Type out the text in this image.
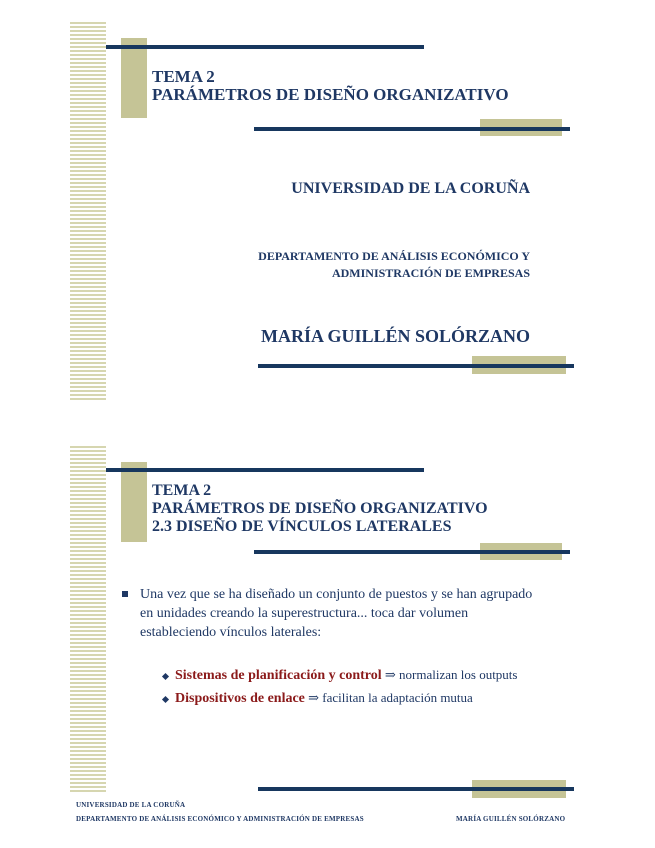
TEMA 2
PARÁMETROS DE DISEÑO ORGANIZATIVO
UNIVERSIDAD DE LA CORUÑA
DEPARTAMENTO DE ANÁLISIS ECONÓMICO Y
ADMINISTRACIÓN DE EMPRESAS
MARÍA GUILLÉN SOLÓRZANO
TEMA 2
PARÁMETROS DE DISEÑO ORGANIZATIVO
2.3 DISEÑO DE VÍNCULOS LATERALES
Una vez que se ha diseñado un conjunto de puestos y se han agrupado en unidades creando la superestructura... toca dar volumen estableciendo vínculos laterales:
Sistemas de planificación y control ⇒ normalizan los outputs
Dispositivos de enlace ⇒ facilitan la adaptación mutua
UNIVERSIDAD DE LA CORUÑA
DEPARTAMENTO DE ANÁLISIS ECONÓMICO Y ADMINISTRACIÓN DE EMPRESAS	MARÍA GUILLÉN SOLÓRZANO
